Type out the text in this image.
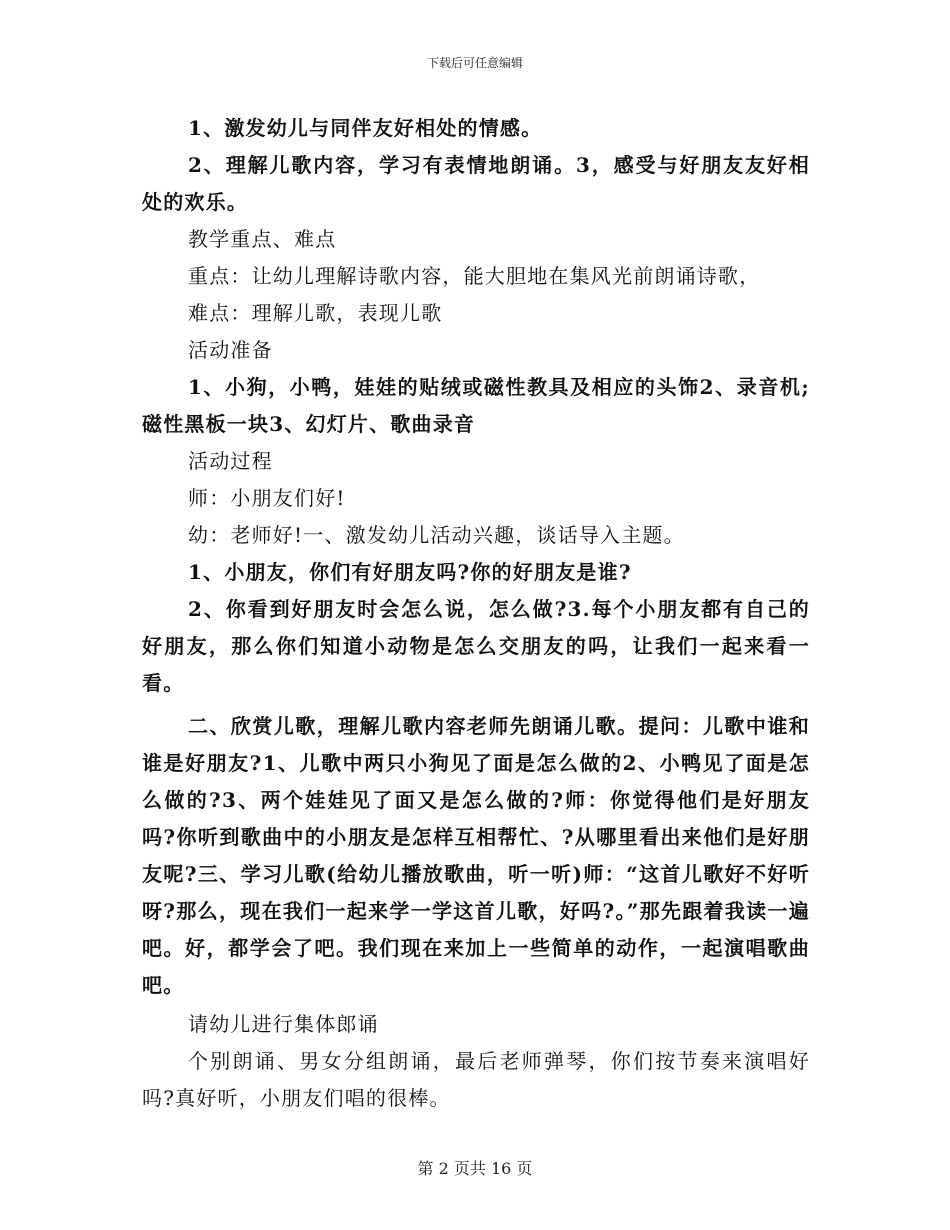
下载后可任意编辑

1、激发幼儿与同伴友好相处的情感。

2、理解儿歌内容，学习有表情地朗诵。3，感受与好朋友友好相处的欢乐。

教学重点、难点

重点：让幼儿理解诗歌内容，能大胆地在集风光前朗诵诗歌，

难点：理解儿歌，表现儿歌

活动准备

1、小狗，小鸭，娃娃的贴绒或磁性教具及相应的头饰2、录音机;磁性黑板一块3、幻灯片、歌曲录音

活动过程

师：小朋友们好!

幼：老师好!一、激发幼儿活动兴趣，谈话导入主题。

1、小朋友，你们有好朋友吗?你的好朋友是谁?

2、你看到好朋友时会怎么说，怎么做?3.每个小朋友都有自己的好朋友，那么你们知道小动物是怎么交朋友的吗，让我们一起来看一看。

二、欣赏儿歌，理解儿歌内容老师先朗诵儿歌。提问：儿歌中谁和谁是好朋友?1、儿歌中两只小狗见了面是怎么做的2、小鸭见了面是怎么做的?3、两个娃娃见了面又是怎么做的?师：你觉得他们是好朋友吗?你听到歌曲中的小朋友是怎样互相帮忙、?从哪里看出来他们是好朋友呢?三、学习儿歌(给幼儿播放歌曲，听一听)师：“这首儿歌好不好听呀?那么，现在我们一起来学一学这首儿歌，好吗?。”那先跟着我读一遍吧。好，都学会了吧。我们现在来加上一些简单的动作，一起演唱歌曲吧。

请幼儿进行集体郎诵

个别朗诵、男女分组朗诵，最后老师弹琴，你们按节奏来演唱好吗?真好听，小朋友们唱的很棒。

第 2 页共 16 页
